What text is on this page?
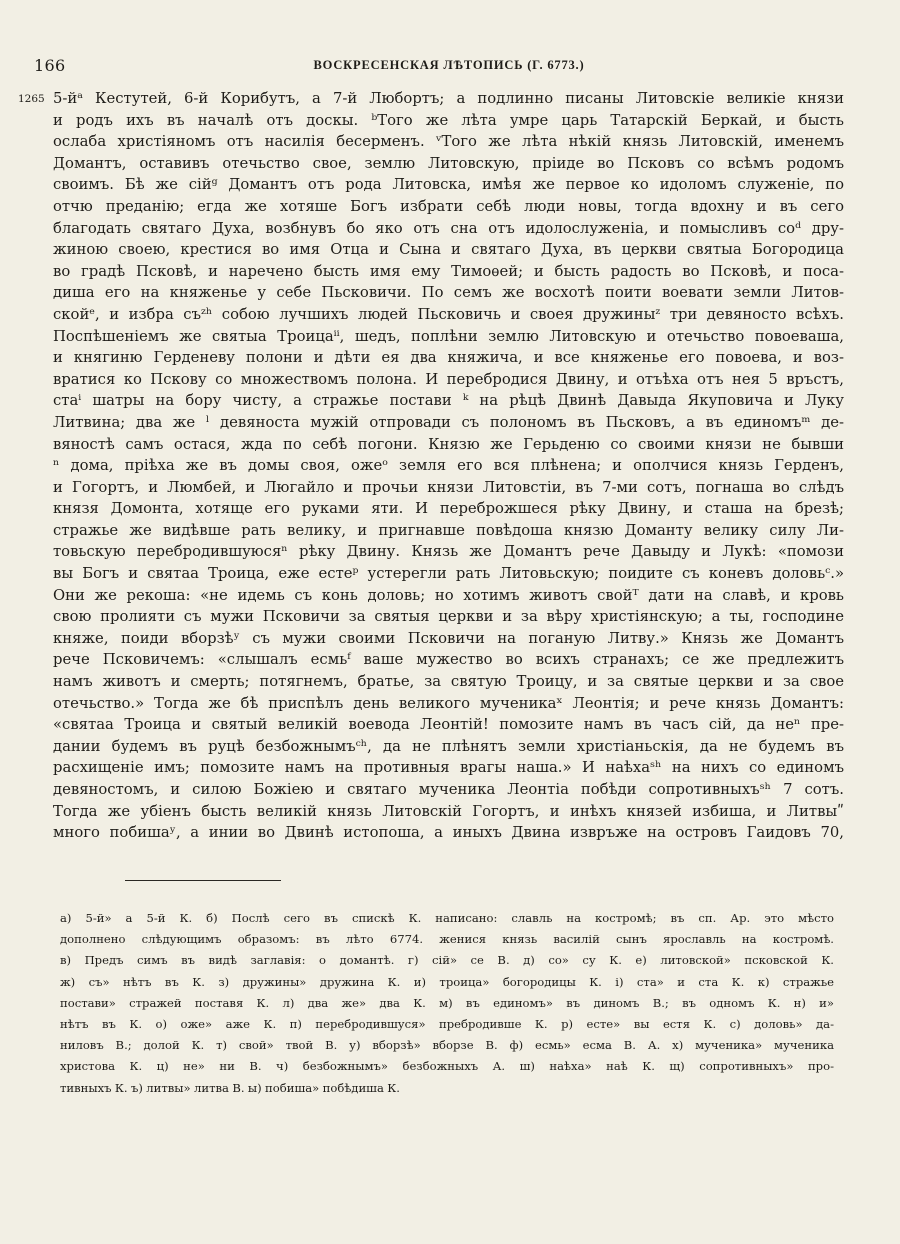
166	ВОСКРЕСЕНСКАЯ ЛѢТОПИСЬ (Г. 6773.)
1265 5-йᵃ Кестутей, 6-й Корибутъ, а 7-й Любортъ; а подлинно писаны Литовскіе великіе князи
и родъ ихъ въ началѣ отъ доскы. ᵇТого же лѣта умре царь Татарскій Беркай, и бысть
ослаба христіяномъ отъ насилія бесерменъ. ᵛТого же лѣта нѣкій князь Литовскій, именемъ
Домантъ, оставивъ отечьство свое, землю Литовскую, пріиде во Псковъ со всѣмъ родомъ
своимъ. Бѣ же сійᵍ Домантъ отъ рода Литовска, имѣя же первое ко идоломъ служеніе, по
отчю преданію; егда же хотяше Богъ избрати себѣ люди новы, тогда вдохну и въ сего
благодать святаго Духа, возбнувъ бо яко отъ сна отъ идолослуженіа, и помысливъ соᵈ дру-
жиною своею, крестися во имя Отца и Сына и святаго Духа, въ церкви святыа Богородица
во градѣ Псковѣ, и наречено бысть имя ему Тимоѳей; и бысть радость во Псковѣ, и поса-
диша его на княженье у себе Пьсковичи. По семъ же восхотѣ поити воевати земли Литов-
скойᵉ, и избра съᶻʰ собою лучшихъ людей Пьсковичь и своея дружиныᶻ три девяносто всѣхъ.
Поспѣшеніемъ же святыа Троицаⁱⁱ, шедъ, поплѣни землю Литовскую и отечьство повоеваша,
и княгиню Герденеву полони и дѣти ея два княжича, и все княженье его повоева, и воз-
вратися ко Пскову со множествомъ полона. И перебродися Двину, и отъѣха отъ нея 5 връстъ,
стаⁱ шатры на бору чисту, а стражье постави ᵏ на рѣцѣ Двинѣ Давыда Якуповича и Луку
Литвина; два же ˡ девяноста мужій отпровади съ полономъ въ Пьсковъ, а въ единомъᵐ де-
вяностѣ самъ остася, жда по себѣ погони. Князю же Герьденю со своими князи не бывши
ⁿ дома, пріѣха же въ домы своя, ожеᵒ земля его вся плѣнена; и ополчися князь Герденъ,
и Гогортъ, и Люмбей, и Люгайло и прочьи князи Литовстіи, въ 7-ми сотъ, погнаша во слѣдъ
князя Домонта, хотяще его руками яти. И переброжшеся рѣку Двину, и сташа на брезѣ;
стражье же видѣвше рать велику, и пригнавше повѣдоша князю Доманту велику силу Ли-
товьскую перебродившуюсяⁿ рѣку Двину. Князь же Домантъ рече Давыду и Лукѣ: «помози
вы Богъ и святаа Троица, еже естеᵖ устерегли рать Литовьскую; поидите съ коневъ доловьᶜ.»
Они же рекоша: «не идемь съ конь доловь; но хотимъ животъ свойᵀ дати на славѣ, и кровь
свою пролияти съ мужи Псковичи за святыя церкви и за вѣру христіянскую; а ты, господине
княже, поиди вборзѣʸ съ мужи своими Псковичи на поганую Литву.» Князь же Домантъ
рече Псковичемъ: «слышалъ есмьᶠ ваше мужество во всихъ странахъ; се же предлежитъ
намъ животъ и смерть; потягнемъ, братье, за святую Троицу, и за святые церкви и за свое
отечьство.» Тогда же бѣ приспѣлъ день великого мученикаˣ Леонтія; и рече князь Домантъ:
«святаа Троица и святый великій воевода Леонтій! помозите намъ въ часъ сій, да неⁿ пре-
дании будемъ въ руцѣ безбожнымъᶜʰ, да не плѣнятъ земли христіаньскія, да не будемъ въ
расхищеніе имъ; помозите намъ на противныя врагы наша.» И наѣхаˢʰ на нихъ со единомъ
девяностомъ, и силою Божіею и святаго мученика Леонтіа побѣди сопротивныхъˢʰ 7 сотъ.
Тогда же убіенъ бысть великій князь Литовскій Гогортъ, и инѣхъ князей избиша, и Литвыʺ
много побишаʸ, а инии во Двинѣ истопоша, а иныхъ Двина извръже на островъ Гаидовъ 70,
а) 5-й» а 5-й К. б) Послѣ сего въ спискѣ К. написано: славль на костромѣ; въ сп. Ар. это мѣсто
дополнено слѣдующимъ образомъ: въ лѣто 6774. женися князь василій сынъ ярославль на костромѣ.
в) Предъ симъ въ видѣ заглавія: о домантѣ. г) сій» се В. д) со» су К. е) литовской» псковской К.
ж) съ» нѣтъ въ К. з) дружины» дружина К. и) троица» богородицы К. і) ста» и ста К. к) стражье
постави» стражей поставя К. л) два же» два К. м) въ единомъ» въ диномъ В.; въ одномъ К. н) и»
нѣтъ въ К. о) оже» аже К. п) перебродившуся» пребродивше К. р) есте» вы естя К. с) доловь» да-
ниловъ В.; долой К. т) свой» твой В. у) вборзѣ» вборзе В. ф) есмь» есма В. А. х) мученика» мученика
христова К. ц) не» ни В. ч) безбожнымъ» безбожныхъ А. ш) наѣха» наѣ К. щ) сопротивныхъ» про-
тивныхъ К. ъ) литвы» литва В. ы) побиша» побѣдиша К.
